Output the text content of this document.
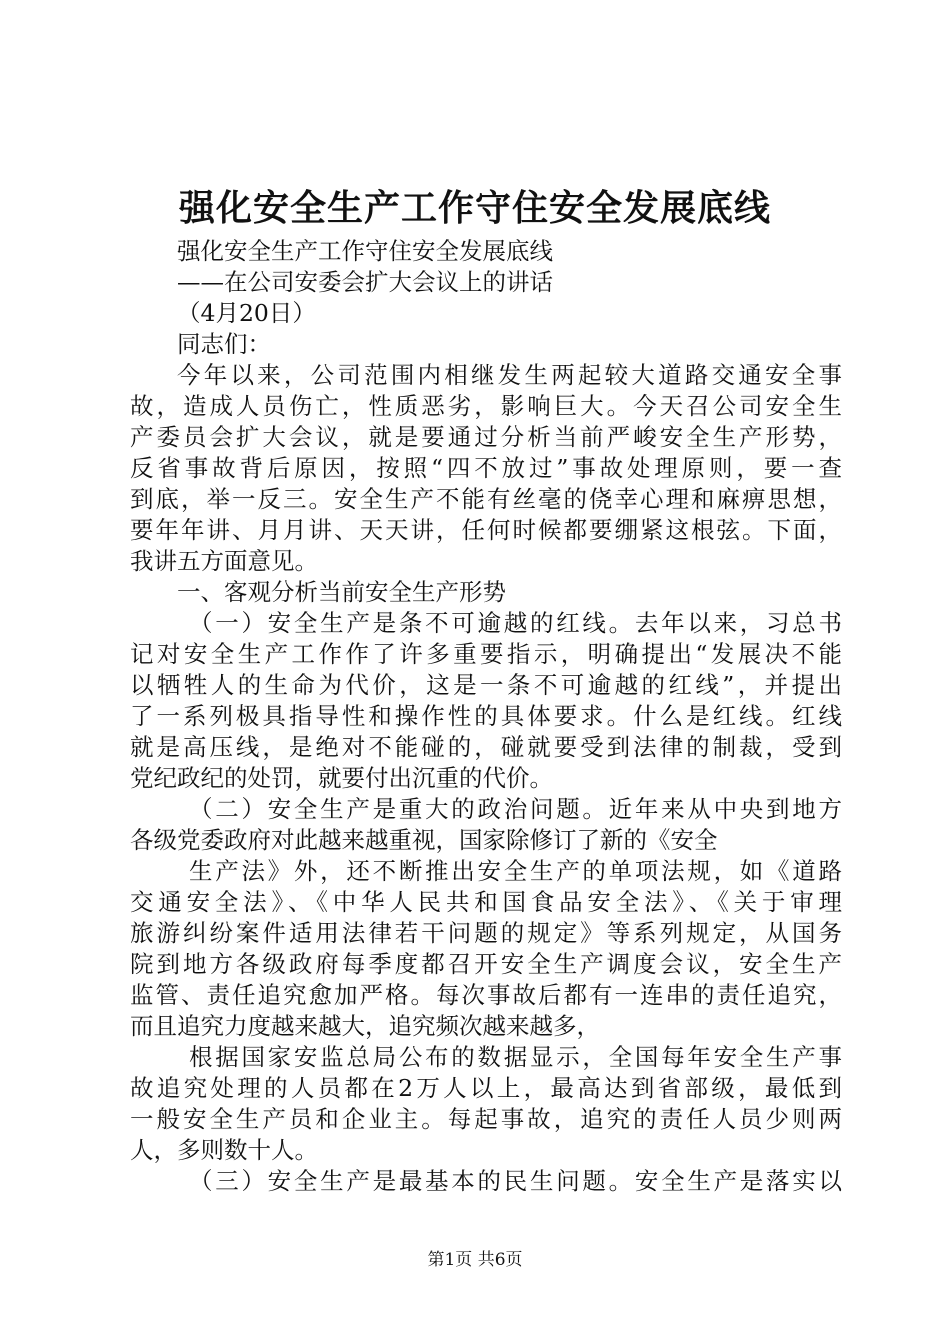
强化安全生产工作守住安全发展底线
强化安全生产工作守住安全发展底线
——在公司安委会扩大会议上的讲话
（4月20日）
同志们：
今年以来，公司范围内相继发生两起较大道路交通安全事
故，造成人员伤亡，性质恶劣，影响巨大。今天召公司安全生
产委员会扩大会议，就是要通过分析当前严峻安全生产形势，
反省事故背后原因，按照“四不放过”事故处理原则，要一查
到底，举一反三。安全生产不能有丝毫的侥幸心理和麻痹思想，
要年年讲、月月讲、天天讲，任何时候都要绷紧这根弦。下面，
我讲五方面意见。
一、客观分析当前安全生产形势
（一）安全生产是条不可逾越的红线。去年以来，习总书
记对安全生产工作作了许多重要指示，明确提出“发展决不能
以牺牲人的生命为代价，这是一条不可逾越的红线”，并提出
了一系列极具指导性和操作性的具体要求。什么是红线。红线
就是高压线，是绝对不能碰的，碰就要受到法律的制裁，受到
党纪政纪的处罚，就要付出沉重的代价。
（二）安全生产是重大的政治问题。近年来从中央到地方
各级党委政府对此越来越重视，国家除修订了新的《安全
生产法》外，还不断推出安全生产的单项法规，如《道路
交通安全法》、《中华人民共和国食品安全法》、《关于审理
旅游纠纷案件适用法律若干问题的规定》等系列规定，从国务
院到地方各级政府每季度都召开安全生产调度会议，安全生产
监管、责任追究愈加严格。每次事故后都有一连串的责任追究，
而且追究力度越来越大，追究频次越来越多，
根据国家安监总局公布的数据显示，全国每年安全生产事
故追究处理的人员都在2万人以上，最高达到省部级，最低到
一般安全生产员和企业主。每起事故，追究的责任人员少则两
人，多则数十人。
（三）安全生产是最基本的民生问题。安全生产是落实以
第1页 共6页
